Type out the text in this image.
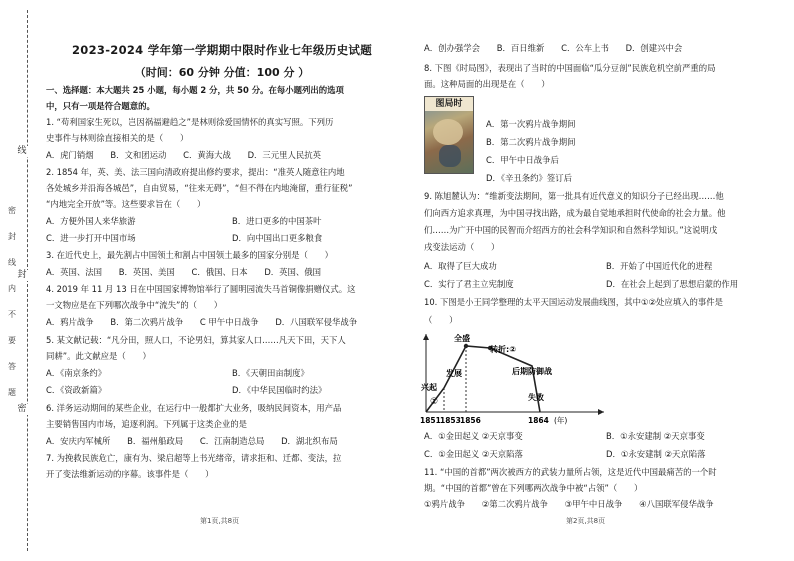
线
封
密
密
封
线
内
不
要
答
题
2023-2024 学年第一学期期中限时作业七年级历史试题
（时间：60 分钟 分值：100 分 ）
一、选择题：本大题共 25 小题，每小题 2 分，共 50 分。在每小题列出的选项
中，只有一项是符合题意的。
1. “苟利国家生死以，岂因祸福避趋之”是林则徐爱国情怀的真实写照。下列历
史事件与林则徐直接相关的是（　　）
A．虎门销烟　　B．文和团运动　　C．黄海大战　　D．三元里人民抗英
2. 1854 年，英、美、法三国向清政府提出修约要求，提出：“准英人随意往内地
各处城乡并沿海各城邑”，自由贸易，“往来无碍”，“但不得在内地淹留，重行征税”
“内地完全开放”等。这些要求旨在（　　）
A．方便外国人来华旅游	B．进口更多的中国茶叶
C．进一步打开中国市场	D．向中国出口更多粮食
3. 在近代史上，最先割占中国领土和割占中国领土最多的国家分别是（　　）
A．英国、法国　　B．英国、美国　　C．俄国、日本　　D．英国、俄国
4. 2019 年 11 月 13 日在中国国家博物馆举行了圆明园流失马首铜像捐赠仪式。这
一文物应是在下列哪次战争中“流失”的（　　）
A．鸦片战争　　B．第二次鸦片战争　　C 甲午中日战争　　D．八国联军侵华战争
5. 某文献记载：“凡分田，照人口，不论男妇，算其家人口……凡天下田，天下人
同耕”。此文献应是（　　）
A．《南京条约》	B．《天朝田亩制度》
C．《资政新篇》	D．《中华民国临时约法》
6. 洋务运动期间的某些企业，在运行中一般都扩大业务，吸纳民间资本，用产品
主要销售国内市场，追逐利润。下列属于这类企业的是
A．安庆内军械所　　B．福州船政局　　C．江南制造总局　　D．湖北织布局
7. 为挽救民族危亡，康有为、梁启超等上书光绪帝，请求拒和、迁都、变法，拉
开了变法维新运动的序幕。该事件是（　　）
第1页,共8页
A．创办强学会　　B．百日维新　　C．公车上书　　D．创建兴中会
8. 下图《时局图》，表现出了当时的中国面临“瓜分豆剖”民族危机空前严重的局
面。这种局面的出现是在（　　）
图局时
A．第一次鸦片战争期间
B．第二次鸦片战争期间
C．甲午中日战争后
D．《辛丑条约》签订后
9. 陈旭麓认为：“维新变法期间，第一批具有近代意义的知识分子已经出现……他
们向西方追求真理，为中国寻找出路，成为最自觉地承担时代使命的社会力量。他
们……为广开中国的民智而介绍西方的社会科学知识和自然科学知识。”这说明戊
戌变法运动（　　）
A．取得了巨大成功	B．开始了中国近代化的进程
C．实行了君主立宪制度	D．在社会上起到了思想启蒙的作用
10. 下图是小王同学整理的太平天国运动发展曲线图，其中①②处应填入的事件是
（　　）
兴起
①
发展
全盛
转折:②
后期防御战
失败
1851 1853 1856	1864 (年)
A．①金田起义 ②天京事变	B．①永安建制 ②天京事变
C．①金田起义 ②天京陷落	D．①永安建制 ②天京陷落
11. “中国的首都”两次被西方的武装力量所占领，这是近代中国最痛苦的一个时
期。“中国的首都”曾在下列哪两次战争中被“占领”（　　）
①鸦片战争　　②第二次鸦片战争　　③甲午中日战争　　④八国联军侵华战争
第2页,共8页
